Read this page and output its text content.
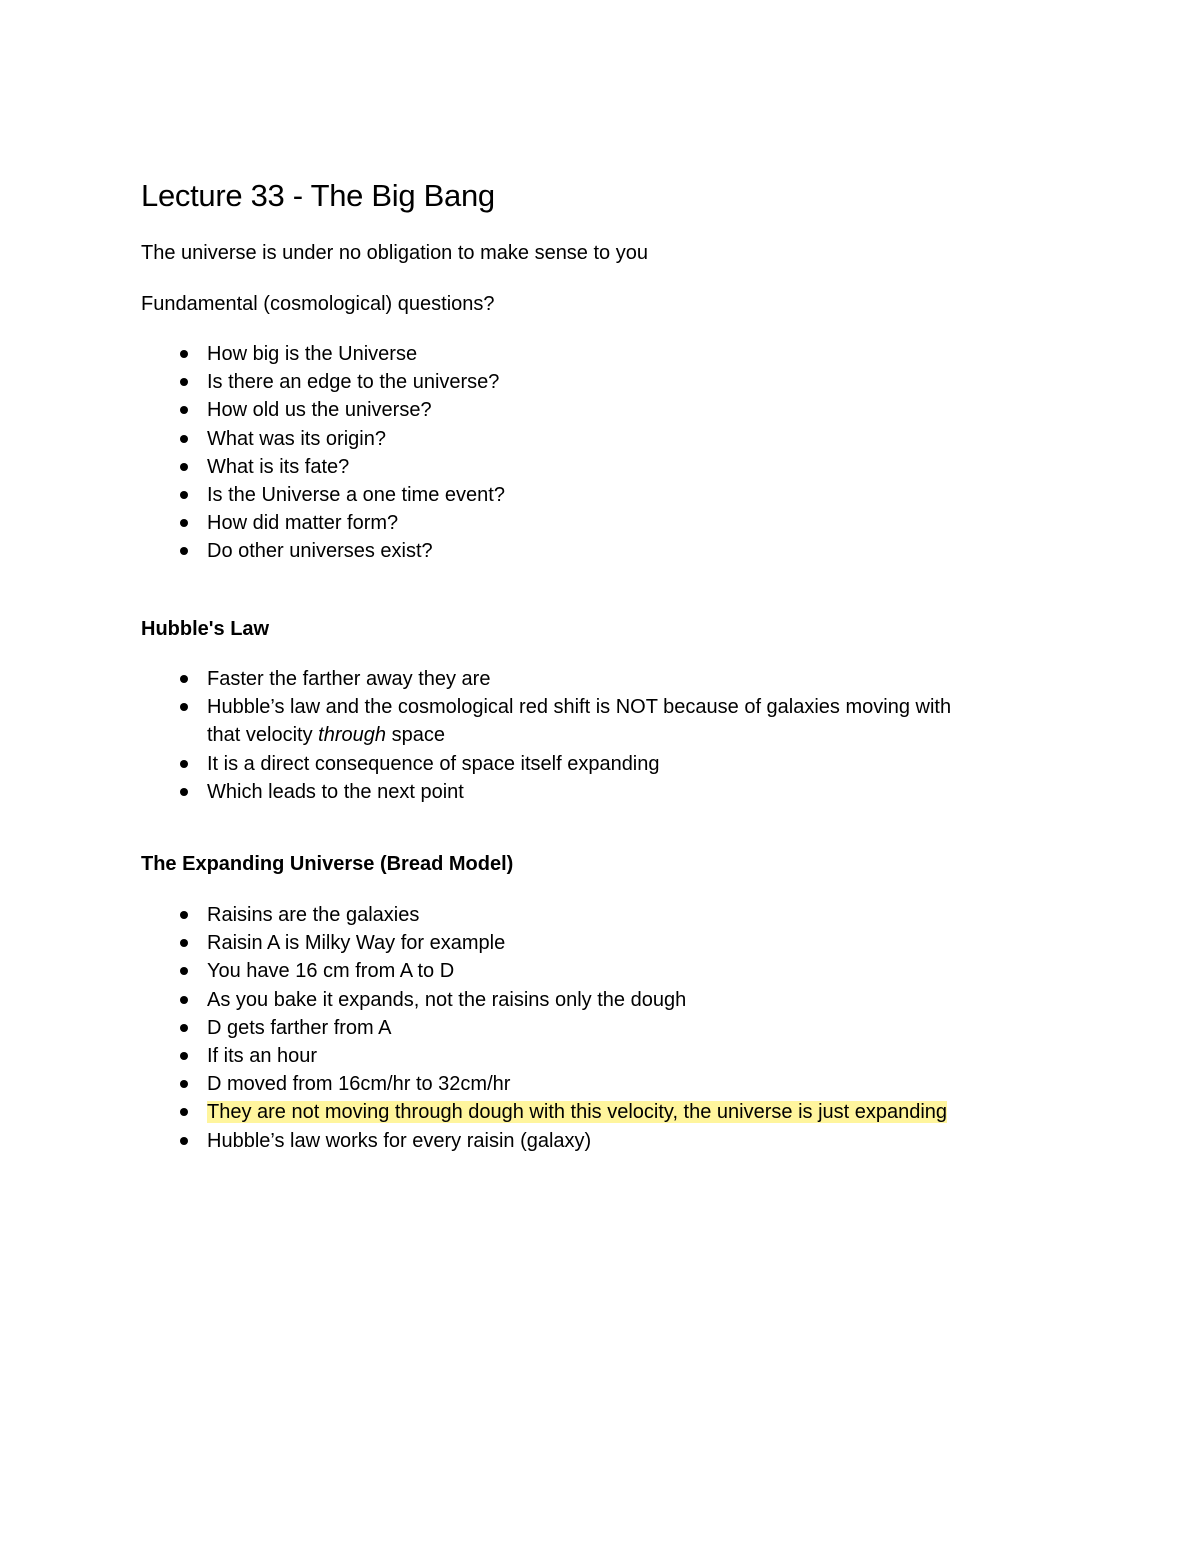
Lecture 33 - The Big Bang
The universe is under no obligation to make sense to you
Fundamental (cosmological) questions?
How big is the Universe
Is there an edge to the universe?
How old us the universe?
What was its origin?
What is its fate?
Is the Universe a one time event?
How did matter form?
Do other universes exist?
Hubble's Law
Faster the farther away they are
Hubble’s law and the cosmological red shift is NOT because of galaxies moving with
that velocity through space
It is a direct consequence of space itself expanding
Which leads to the next point
The Expanding Universe (Bread Model)
Raisins are the galaxies
Raisin A is Milky Way for example
You have 16 cm from A to D
As you bake it expands, not the raisins only the dough
D gets farther from A
If its an hour
D moved from 16cm/hr to 32cm/hr
They are not moving through dough with this velocity, the universe is just expanding
Hubble’s law works for every raisin (galaxy)
